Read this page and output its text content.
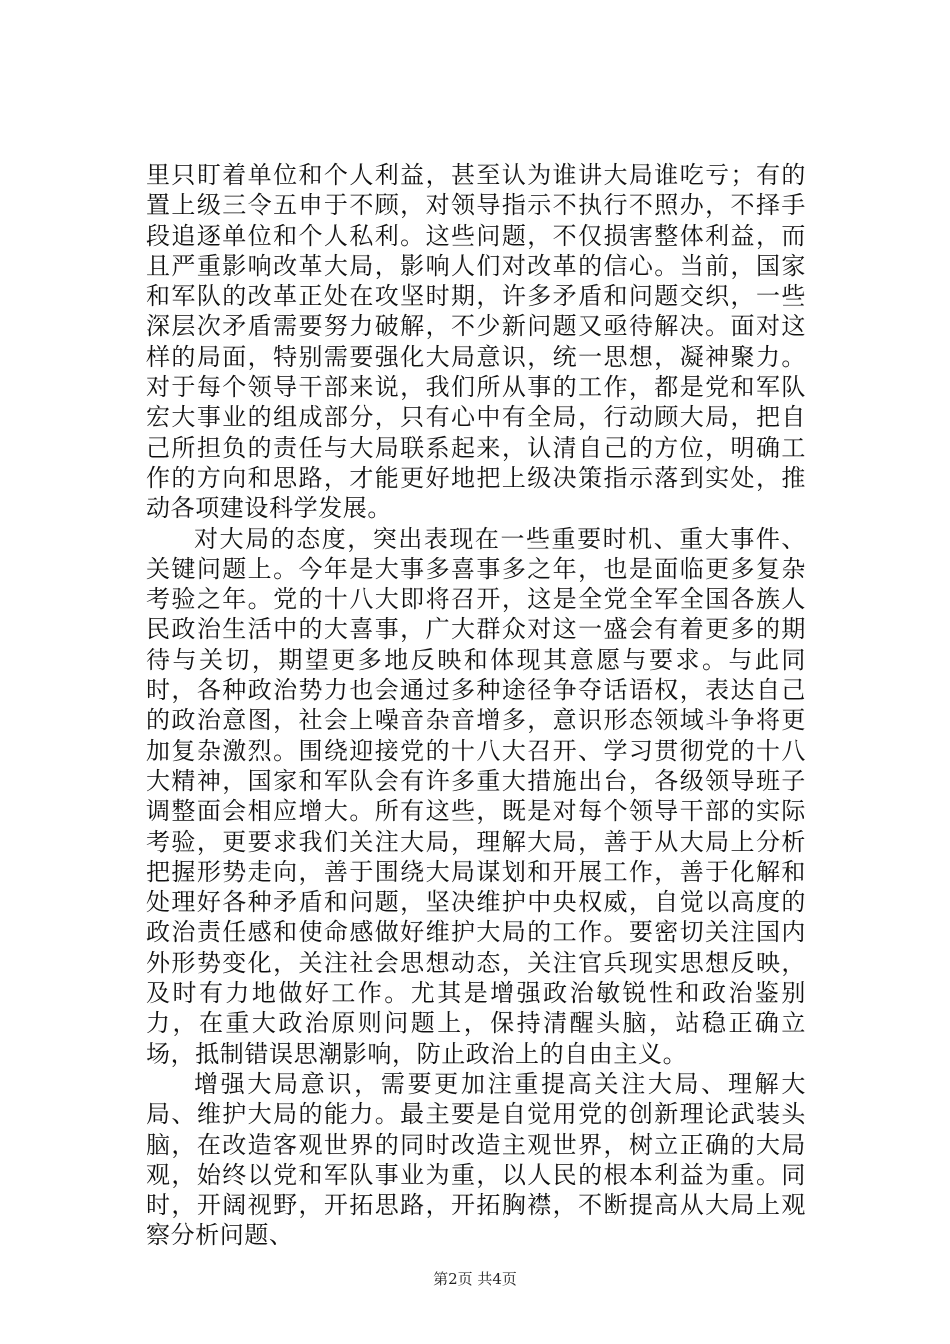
里只盯着单位和个人利益，甚至认为谁讲大局谁吃亏；有的置上级三令五申于不顾，对领导指示不执行不照办，不择手段追逐单位和个人私利。这些问题，不仅损害整体利益，而且严重影响改革大局，影响人们对改革的信心。当前，国家和军队的改革正处在攻坚时期，许多矛盾和问题交织，一些深层次矛盾需要努力破解，不少新问题又亟待解决。面对这样的局面，特别需要强化大局意识，统一思想，凝神聚力。对于每个领导干部来说，我们所从事的工作，都是党和军队宏大事业的组成部分，只有心中有全局，行动顾大局，把自己所担负的责任与大局联系起来，认清自己的方位，明确工作的方向和思路，才能更好地把上级决策指示落到实处，推动各项建设科学发展。

对大局的态度，突出表现在一些重要时机、重大事件、关键问题上。今年是大事多喜事多之年，也是面临更多复杂考验之年。党的十八大即将召开，这是全党全军全国各族人民政治生活中的大喜事，广大群众对这一盛会有着更多的期待与关切，期望更多地反映和体现其意愿与要求。与此同时，各种政治势力也会通过多种途径争夺话语权，表达自己的政治意图，社会上噪音杂音增多，意识形态领域斗争将更加复杂激烈。围绕迎接党的十八大召开、学习贯彻党的十八大精神，国家和军队会有许多重大措施出台，各级领导班子调整面会相应增大。所有这些，既是对每个领导干部的实际考验，更要求我们关注大局，理解大局，善于从大局上分析把握形势走向，善于围绕大局谋划和开展工作，善于化解和处理好各种矛盾和问题，坚决维护中央权威，自觉以高度的政治责任感和使命感做好维护大局的工作。要密切关注国内外形势变化，关注社会思想动态，关注官兵现实思想反映，及时有力地做好工作。尤其是增强政治敏锐性和政治鉴别力，在重大政治原则问题上，保持清醒头脑，站稳正确立场，抵制错误思潮影响，防止政治上的自由主义。

增强大局意识，需要更加注重提高关注大局、理解大局、维护大局的能力。最主要是自觉用党的创新理论武装头脑，在改造客观世界的同时改造主观世界，树立正确的大局观，始终以党和军队事业为重，以人民的根本利益为重。同时，开阔视野，开拓思路，开拓胸襟，不断提高从大局上观察分析问题、

第2页 共4页
